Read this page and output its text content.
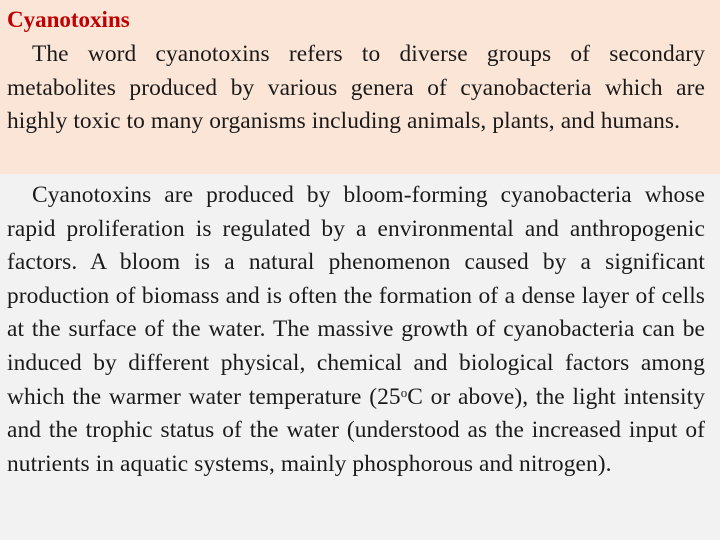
Cyanotoxins

The word cyanotoxins refers to diverse groups of secondary metabolites produced by various genera of cyanobacteria which are highly toxic to many organisms including animals, plants, and humans.

Cyanotoxins are produced by bloom-forming cyanobacteria whose rapid proliferation is regulated by a environmental and anthropogenic factors. A bloom is a natural phenomenon caused by a significant production of biomass and is often the formation of a dense layer of cells at the surface of the water. The massive growth of cyanobacteria can be induced by different physical, chemical and biological factors among which the warmer water temperature (25$^o$C or above), the light intensity and the trophic status of the water (understood as the increased input of nutrients in aquatic systems, mainly phosphorous and nitrogen).
